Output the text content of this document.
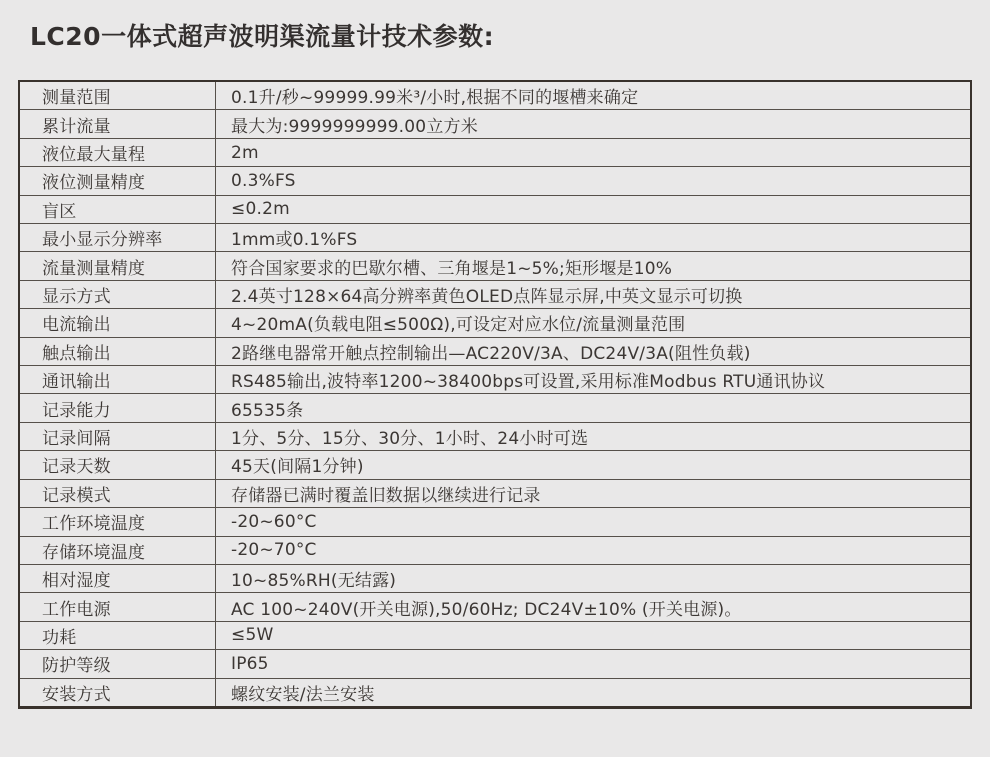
LC20一体式超声波明渠流量计技术参数:
测量范围	0.1升/秒~99999.99米³/小时,根据不同的堰槽来确定
累计流量	最大为:9999999999.00立方米
液位最大量程	2m
液位测量精度	0.3%FS
盲区	≤0.2m
最小显示分辨率	1mm或0.1%FS
流量测量精度	符合国家要求的巴歇尔槽、三角堰是1~5%;矩形堰是10%
显示方式	2.4英寸128×64高分辨率黄色OLED点阵显示屏,中英文显示可切换
电流输出	4~20mA(负载电阻≤500Ω),可设定对应水位/流量测量范围
触点输出	2路继电器常开触点控制输出—AC220V/3A、DC24V/3A(阻性负载)
通讯输出	RS485输出,波特率1200~38400bps可设置,采用标准Modbus RTU通讯协议
记录能力	65535条
记录间隔	1分、5分、15分、30分、1小时、24小时可选
记录天数	45天(间隔1分钟)
记录模式	存储器已满时覆盖旧数据以继续进行记录
工作环境温度	-20~60°C
存储环境温度	-20~70°C
相对湿度	10~85%RH(无结露)
工作电源	AC 100~240V(开关电源),50/60Hz; DC24V±10% (开关电源)。
功耗	≤5W
防护等级	IP65
安装方式	螺纹安装/法兰安装
